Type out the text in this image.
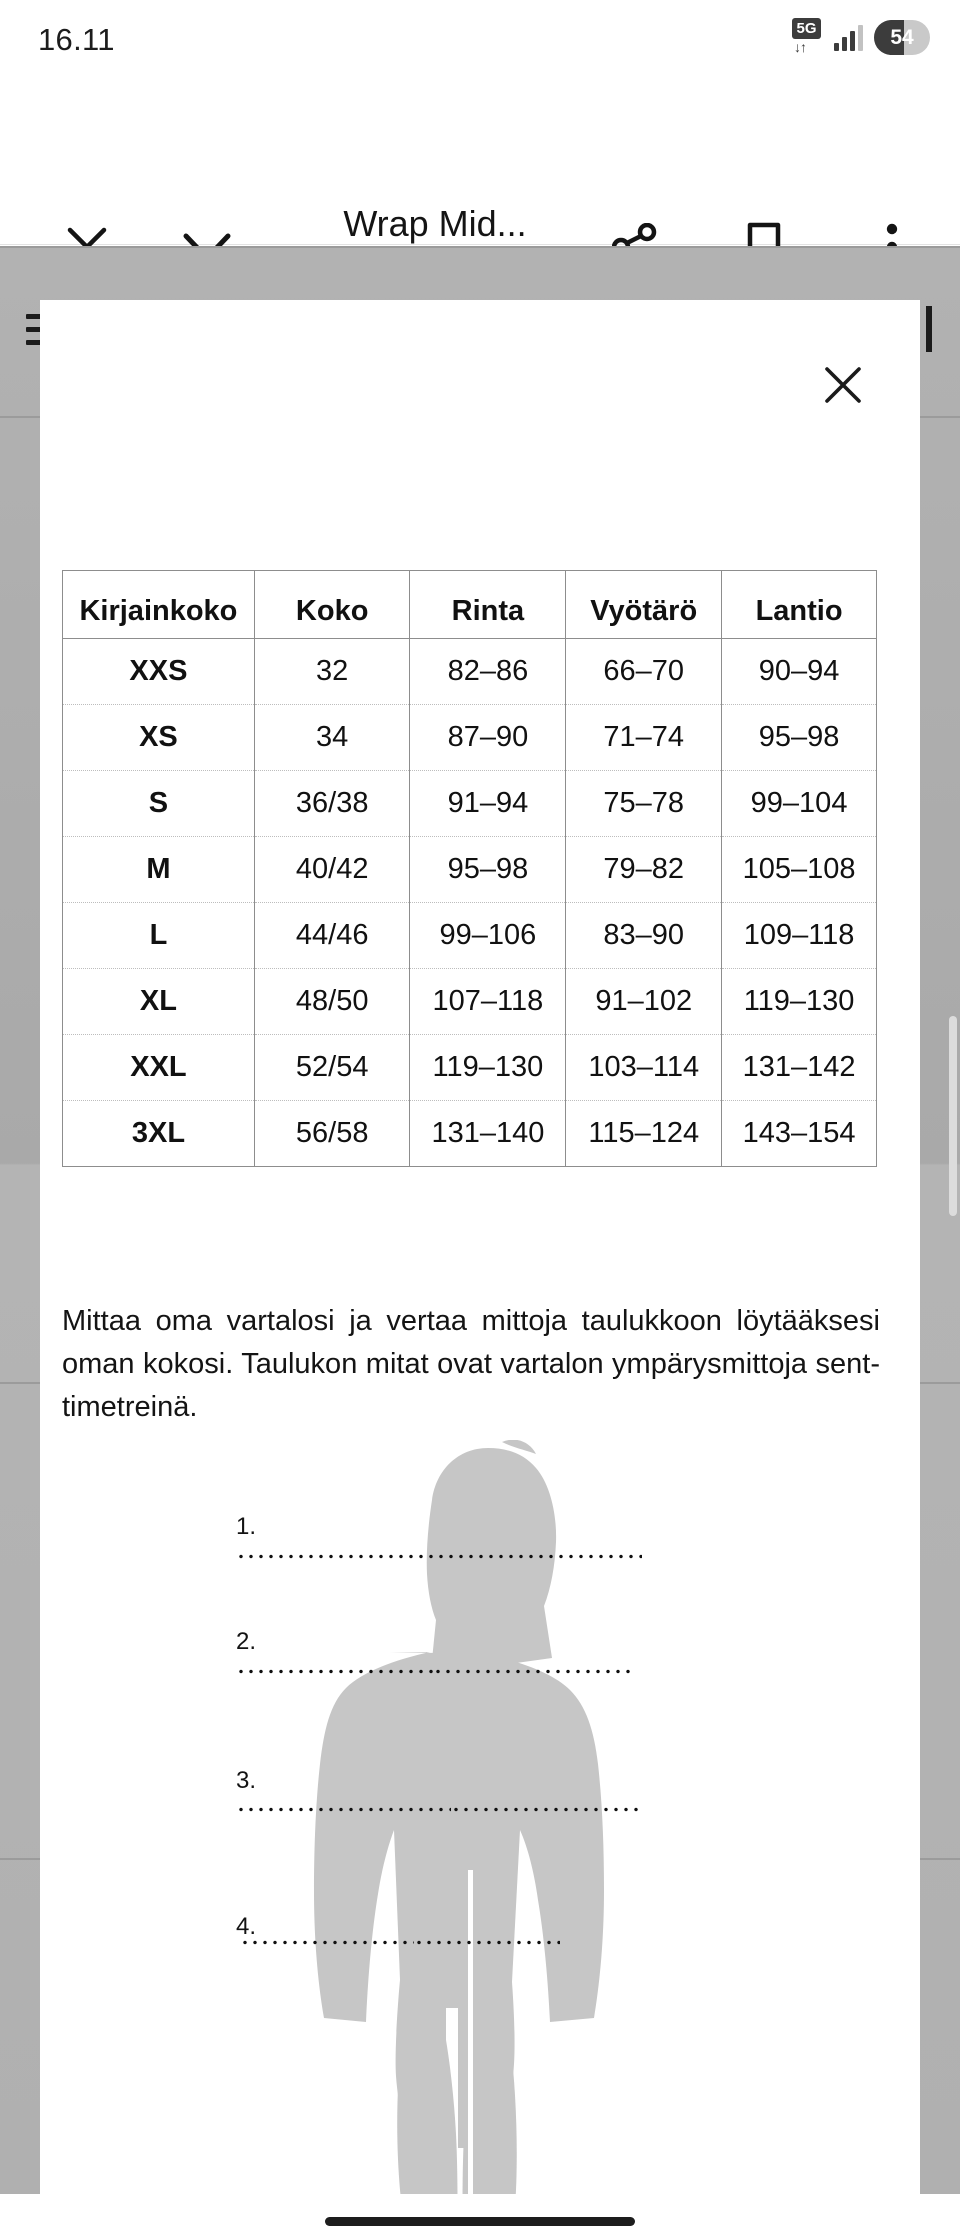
16.11	5G
↓↑	54
Wrap Mid...
Kirjainkoko	Koko	Rinta	Vyötärö	Lantio
XXS	32	82–86	66–70	90–94
XS	34	87–90	71–74	95–98
S	36/38	91–94	75–78	99–104
M	40/42	95–98	79–82	105–108
L	44/46	99–106	83–90	109–118
XL	48/50	107–118	91–102	119–130
XXL	52/54	119–130	103–114	131–142
3XL	56/58	131–140	115–124	143–154
Mittaa oma vartalosi ja vertaa mittoja taulukkoon löytääksesi oman kokosi. Taulukon mitat ovat vartalon ympärysmittoja sent-timetreinä.
1.
2.
3.
4.
